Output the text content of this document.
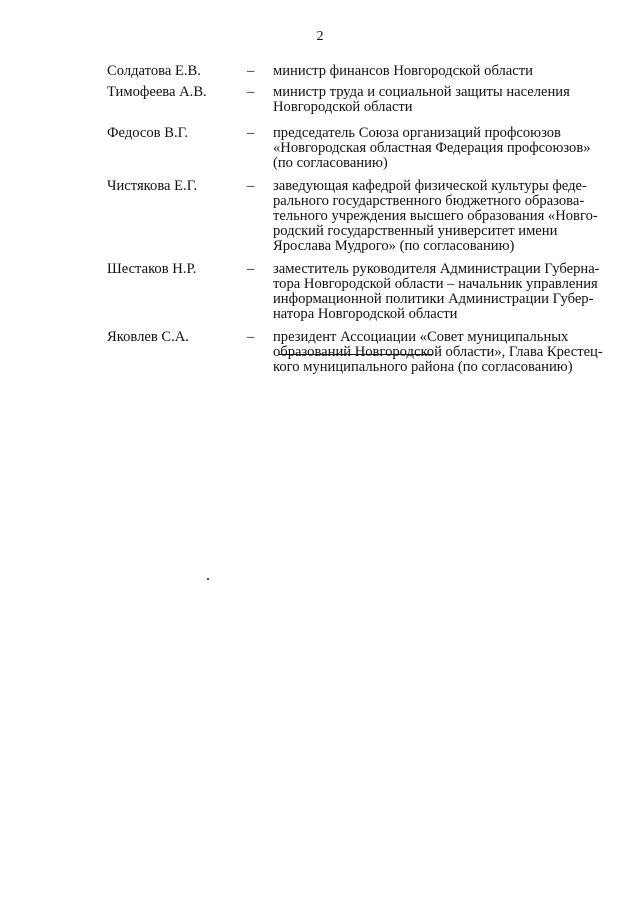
2
Солдатова Е.В.	–	министр финансов Новгородской области
Тимофеева А.В.	–	министр труда и социальной защиты населения
Новгородской области
Федосов В.Г.	–	председатель Союза организаций профсоюзов
«Новгородская областная Федерация профсоюзов»
(по согласованию)
Чистякова Е.Г.	–	заведующая кафедрой физической культуры феде-
рального государственного бюджетного образова-
тельного учреждения высшего образования «Новго-
родский государственный университет имени
Ярослава Мудрого» (по согласованию)
Шестаков Н.Р.	–	заместитель руководителя Администрации Губерна-
тора Новгородской области – начальник управления
информационной политики Администрации Губер-
натора Новгородской области
Яковлев С.А.	–	президент Ассоциации «Совет муниципальных
образований Новгородской области», Глава Крестец-
кого муниципального района (по согласованию)
